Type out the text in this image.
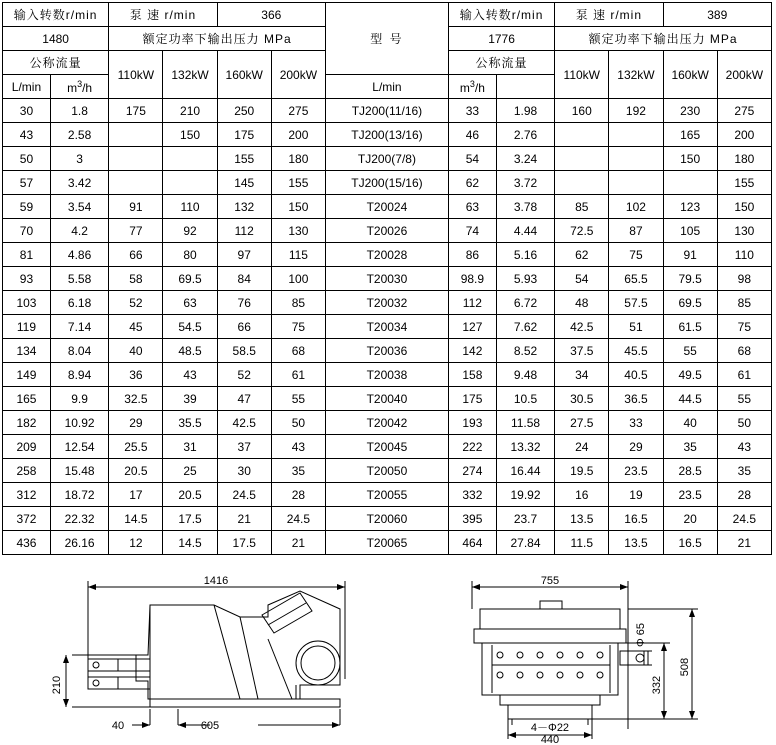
输入转数r/min		泵 速 r/min		366		型 号	输入转数r/min		泵 速 r/min		389	
1480		额定功率下输出压力 MPa					1776		额定功率下输出压力 MPa			
公称流量		110kW	132kW	160kW	200kW		公称流量		110kW	132kW	160kW	200kW
L/min	$m^3/h$					L/min	$m^3/h$					
30	1.8	175	210	250	275	TJ200(11/16)	33	1.98	160	192	230	275
43	2.58		150	175	200	TJ200(13/16)	46	2.76			165	200
50	3			155	180	TJ200(7/8)	54	3.24			150	180
57	3.42			145	155	TJ200(15/16)	62	3.72				155
59	3.54	91	110	132	150	T20024	63	3.78	85	102	123	150
70	4.2	77	92	112	130	T20026	74	4.44	72.5	87	105	130
81	4.86	66	80	97	115	T20028	86	5.16	62	75	91	110
93	5.58	58	69.5	84	100	T20030	98.9	5.93	54	65.5	79.5	98
103	6.18	52	63	76	85	T20032	112	6.72	48	57.5	69.5	85
119	7.14	45	54.5	66	75	T20034	127	7.62	42.5	51	61.5	75
134	8.04	40	48.5	58.5	68	T20036	142	8.52	37.5	45.5	55	68
149	8.94	36	43	52	61	T20038	158	9.48	34	40.5	49.5	61
165	9.9	32.5	39	47	55	T20040	175	10.5	30.5	36.5	44.5	55
182	10.92	29	35.5	42.5	50	T20042	193	11.58	27.5	33	40	50
209	12.54	25.5	31	37	43	T20045	222	13.32	24	29	35	43
258	15.48	20.5	25	30	35	T20050	274	16.44	19.5	23.5	28.5	35
312	18.72	17	20.5	24.5	28	T20055	332	19.92	16	19	23.5	28
372	22.32	14.5	17.5	21	24.5	T20060	395	23.7	13.5	16.5	20	24.5
436	26.16	12	14.5	17.5	21	T20065	464	27.84	11.5	13.5	16.5	21
1416
210
605
40
755
508
332
Φ 65
4－Φ22
440
